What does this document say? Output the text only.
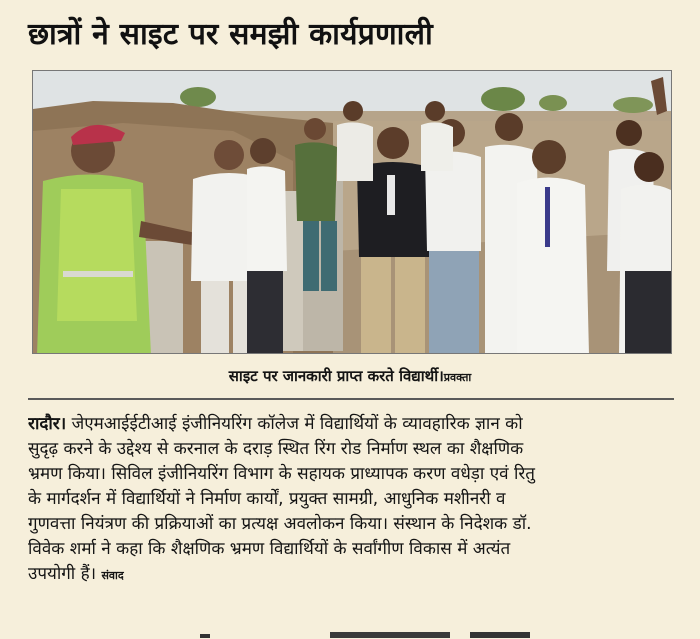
छात्रों ने साइट पर समझी कार्यप्रणाली
साइट पर जानकारी प्राप्त करते विद्यार्थी।प्रवक्ता
रादौर। जेएमआईईटीआई इंजीनियरिंग कॉलेज में विद्यार्थियों के व्यावहारिक ज्ञान को
सुदृढ़ करने के उद्देश्य से करनाल के दराड़ स्थित रिंग रोड निर्माण स्थल का शैक्षणिक
भ्रमण किया। सिविल इंजीनियरिंग विभाग के सहायक प्राध्यापक करण वधेड़ा एवं रितु
के मार्गदर्शन में विद्यार्थियों ने निर्माण कार्यों, प्रयुक्त सामग्री, आधुनिक मशीनरी व
गुणवत्ता नियंत्रण की प्रक्रियाओं का प्रत्यक्ष अवलोकन किया। संस्थान के निदेशक डॉ.
विवेक शर्मा ने कहा कि शैक्षणिक भ्रमण विद्यार्थियों के सर्वांगीण विकास में अत्यंत
उपयोगी हैं। संवाद
